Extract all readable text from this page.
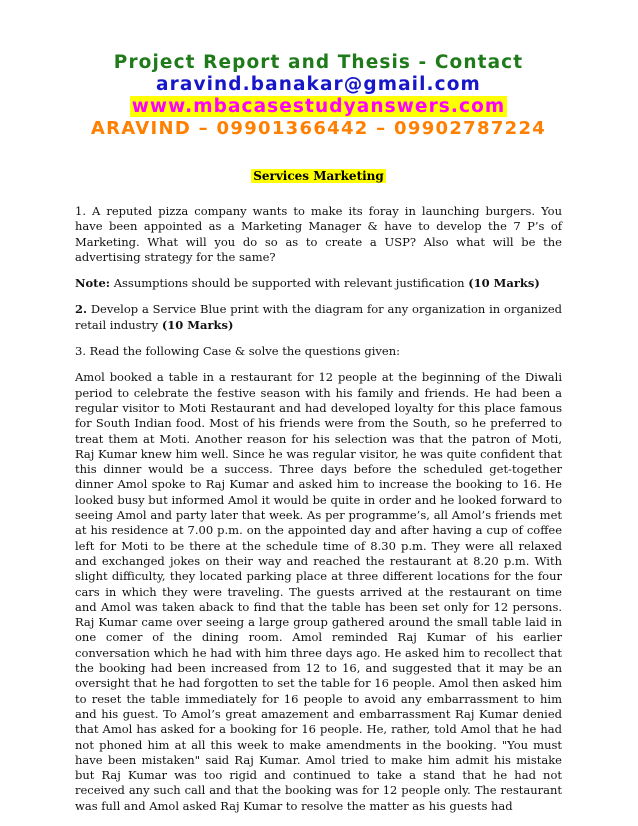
Project Report and Thesis - Contact
aravind.banakar@gmail.com
www.mbacasestudyanswers.com
ARAVIND – 09901366442 – 09902787224
Services Marketing

1. A reputed pizza company wants to make its foray in launching burgers. You have been appointed as a Marketing Manager & have to develop the 7 P’s of Marketing. What will you do so as to create a USP? Also what will be the advertising strategy for the same?

Note: Assumptions should be supported with relevant justification (10 Marks)

2. Develop a Service Blue print with the diagram for any organization in organized retail industry (10 Marks)

3. Read the following Case & solve the questions given:

Amol booked a table in a restaurant for 12 people at the beginning of the Diwali period to celebrate the festive season with his family and friends. He had been a regular visitor to Moti Restaurant and had developed loyalty for this place famous for South Indian food. Most of his friends were from the South, so he preferred to treat them at Moti. Another reason for his selection was that the patron of Moti, Raj Kumar knew him well. Since he was regular visitor, he was quite confident that this dinner would be a success. Three days before the scheduled get-together dinner Amol spoke to Raj Kumar and asked him to increase the booking to 16. He looked busy but informed Amol it would be quite in order and he looked forward to seeing Amol and party later that week. As per programme’s, all Amol’s friends met at his residence at 7.00 p.m. on the appointed day and after having a cup of coffee left for Moti to be there at the schedule time of 8.30 p.m. They were all relaxed and exchanged jokes on their way and reached the restaurant at 8.20 p.m. With slight difficulty, they located parking place at three different locations for the four cars in which they were traveling. The guests arrived at the restaurant on time and Amol was taken aback to find that the table has been set only for 12 persons. Raj Kumar came over seeing a large group gathered around the small table laid in one comer of the dining room. Amol reminded Raj Kumar of his earlier conversation which he had with him three days ago. He asked him to recollect that the booking had been increased from 12 to 16, and suggested that it may be an oversight that he had forgotten to set the table for 16 people. Amol then asked him to reset the table immediately for 16 people to avoid any embarrassment to him and his guest. To Amol’s great amazement and embarrassment Raj Kumar denied that Amol has asked for a booking for 16 people. He, rather, told Amol that he had not phoned him at all this week to make amendments in the booking. "You must have been mistaken" said Raj Kumar. Amol tried to make him admit his mistake but Raj Kumar was too rigid and continued to take a stand that he had not received any such call and that the booking was for 12 people only. The restaurant was full and Amol asked Raj Kumar to resolve the matter as his guests had
